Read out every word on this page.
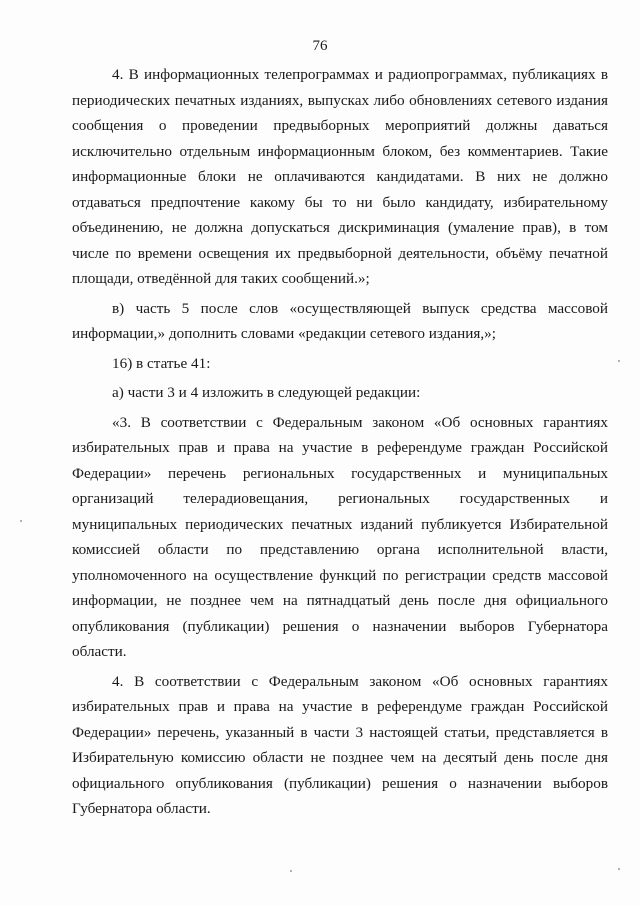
76

4. В информационных телепрограммах и радиопрограммах, публикациях в периодических печатных изданиях, выпусках либо обновлениях сетевого издания сообщения о проведении предвыборных мероприятий должны даваться исключительно отдельным информационным блоком, без комментариев. Такие информационные блоки не оплачиваются кандидатами. В них не должно отдаваться предпочтение какому бы то ни было кандидату, избирательному объединению, не должна допускаться дискриминация (умаление прав), в том числе по времени освещения их предвыборной деятельности, объёму печатной площади, отведённой для таких сообщений.»;

в) часть 5 после слов «осуществляющей выпуск средства массовой информации,» дополнить словами «редакции сетевого издания,»;

16) в статье 41:

а) части 3 и 4 изложить в следующей редакции:

«3. В соответствии с Федеральным законом «Об основных гарантиях избирательных прав и права на участие в референдуме граждан Российской Федерации» перечень региональных государственных и муниципальных организаций телерадиовещания, региональных государственных и муниципальных периодических печатных изданий публикуется Избирательной комиссией области по представлению органа исполнительной власти, уполномоченного на осуществление функций по регистрации средств массовой информации, не позднее чем на пятнадцатый день после дня официального опубликования (публикации) решения о назначении выборов Губернатора области.

4. В соответствии с Федеральным законом «Об основных гарантиях избирательных прав и права на участие в референдуме граждан Российской Федерации» перечень, указанный в части 3 настоящей статьи, представляется в Избирательную комиссию области не позднее чем на десятый день после дня официального опубликования (публикации) решения о назначении выборов Губернатора области.
